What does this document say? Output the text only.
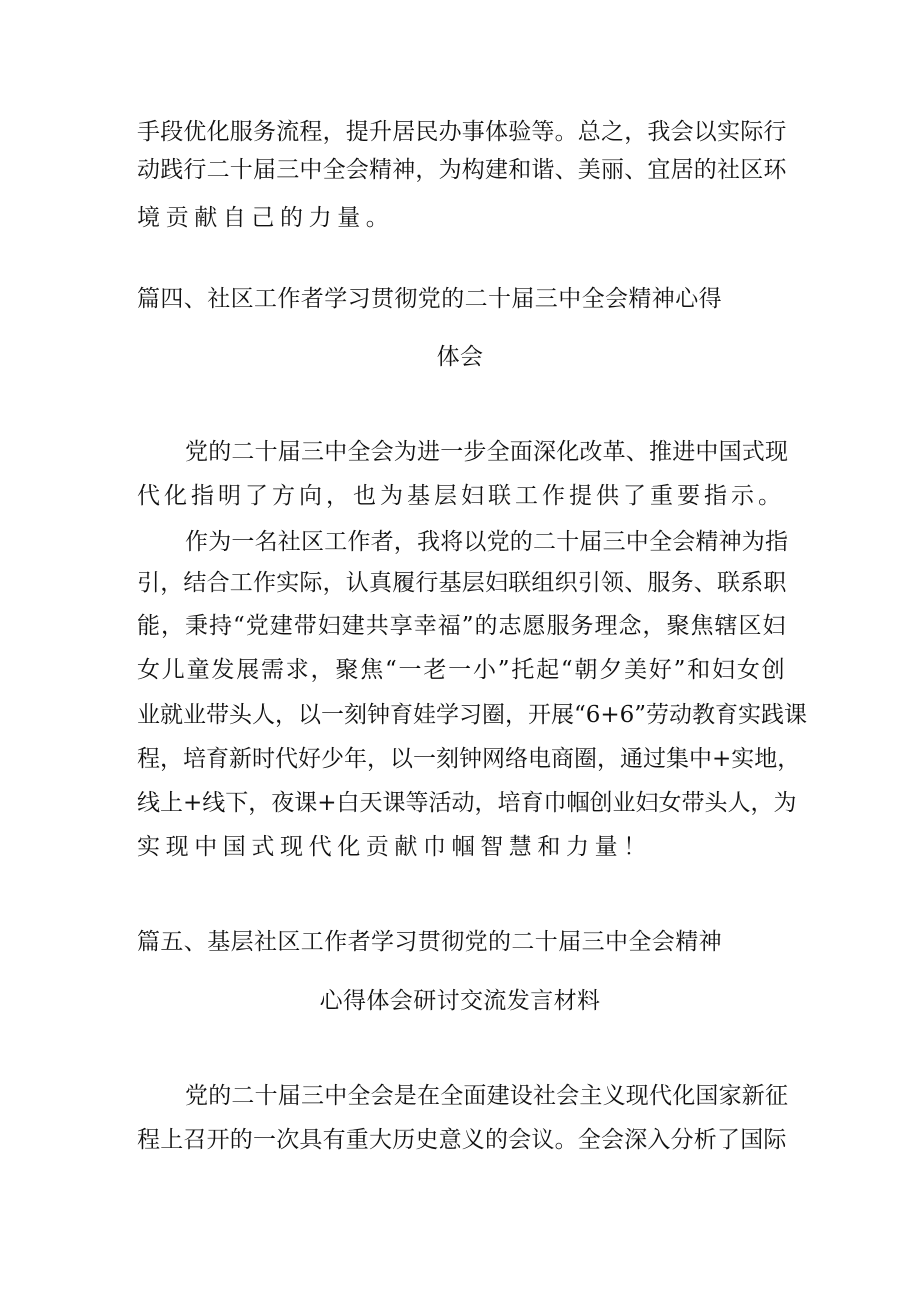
手段优化服务流程，提升居民办事体验等。总之，我会以实际行
动践行二十届三中全会精神，为构建和谐、美丽、宜居的社区环
境贡献自己的力量。
篇四、社区工作者学习贯彻党的二十届三中全会精神心得
体会
党的二十届三中全会为进一步全面深化改革、推进中国式现
代化指明了方向，也为基层妇联工作提供了重要指示。
作为一名社区工作者，我将以党的二十届三中全会精神为指
引，结合工作实际，认真履行基层妇联组织引领、服务、联系职
能，秉持“党建带妇建共享幸福”的志愿服务理念，聚焦辖区妇
女儿童发展需求，聚焦“一老一小”托起“朝夕美好”和妇女创
业就业带头人，以一刻钟育娃学习圈，开展“6+6”劳动教育实践课
程，培育新时代好少年，以一刻钟网络电商圈，通过集中+实地，
线上+线下，夜课+白天课等活动，培育巾帼创业妇女带头人，为
实现中国式现代化贡献巾帼智慧和力量！
篇五、基层社区工作者学习贯彻党的二十届三中全会精神
心得体会研讨交流发言材料
党的二十届三中全会是在全面建设社会主义现代化国家新征
程上召开的一次具有重大历史意义的会议。全会深入分析了国际
